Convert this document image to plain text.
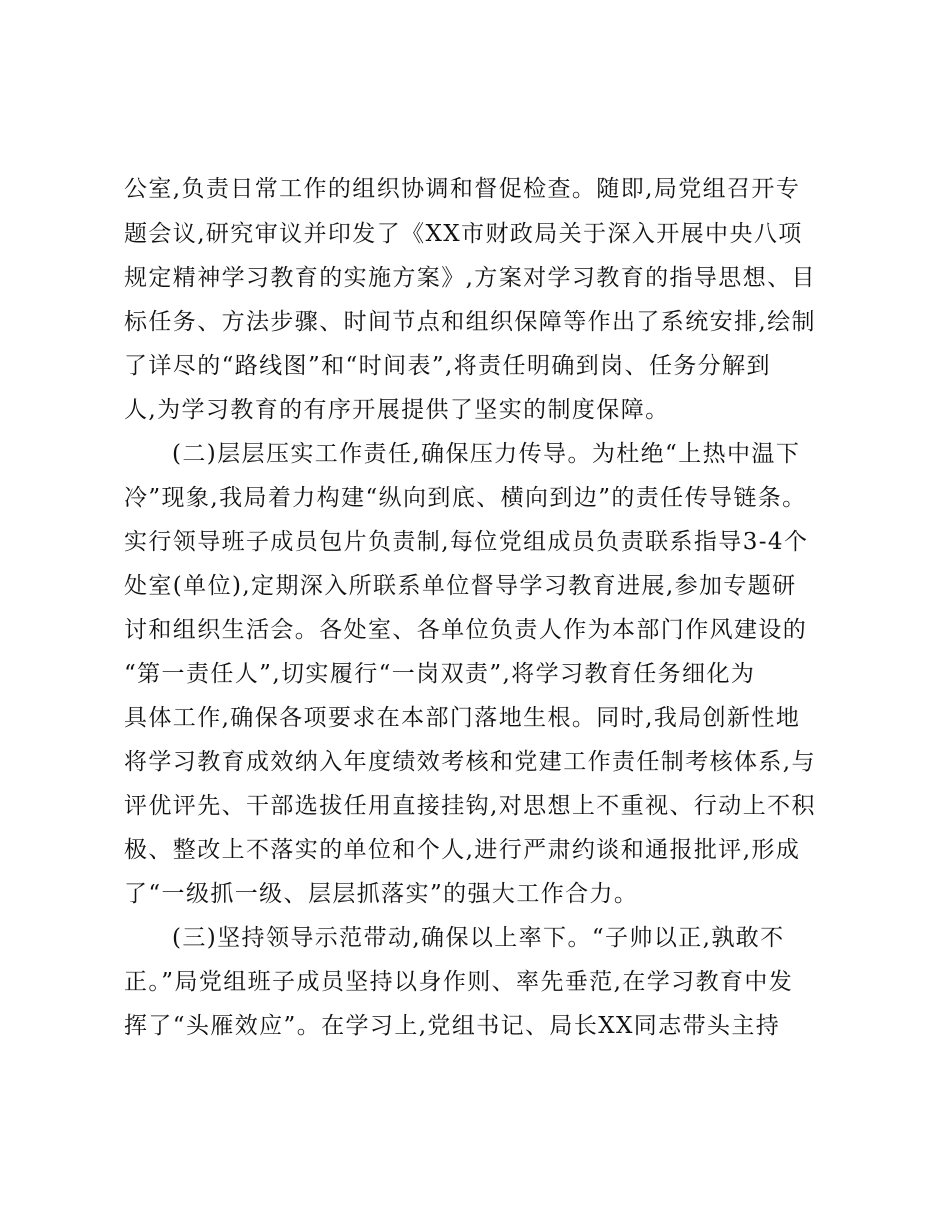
公室,负责日常工作的组织协调和督促检查。随即,局党组召开专
题会议,研究审议并印发了《XX市财政局关于深入开展中央八项
规定精神学习教育的实施方案》,方案对学习教育的指导思想、目
标任务、方法步骤、时间节点和组织保障等作出了系统安排,绘制
了详尽的“路线图”和“时间表”,将责任明确到岗、任务分解到
人,为学习教育的有序开展提供了坚实的制度保障。
(二)层层压实工作责任,确保压力传导。为杜绝“上热中温下
冷”现象,我局着力构建“纵向到底、横向到边”的责任传导链条。
实行领导班子成员包片负责制,每位党组成员负责联系指导3-4个
处室(单位),定期深入所联系单位督导学习教育进展,参加专题研
讨和组织生活会。各处室、各单位负责人作为本部门作风建设的
“第一责任人”,切实履行“一岗双责”,将学习教育任务细化为
具体工作,确保各项要求在本部门落地生根。同时,我局创新性地
将学习教育成效纳入年度绩效考核和党建工作责任制考核体系,与
评优评先、干部选拔任用直接挂钩,对思想上不重视、行动上不积
极、整改上不落实的单位和个人,进行严肃约谈和通报批评,形成
了“一级抓一级、层层抓落实”的强大工作合力。
(三)坚持领导示范带动,确保以上率下。“子帅以正,孰敢不
正。”局党组班子成员坚持以身作则、率先垂范,在学习教育中发
挥了“头雁效应”。在学习上,党组书记、局长XX同志带头主持
